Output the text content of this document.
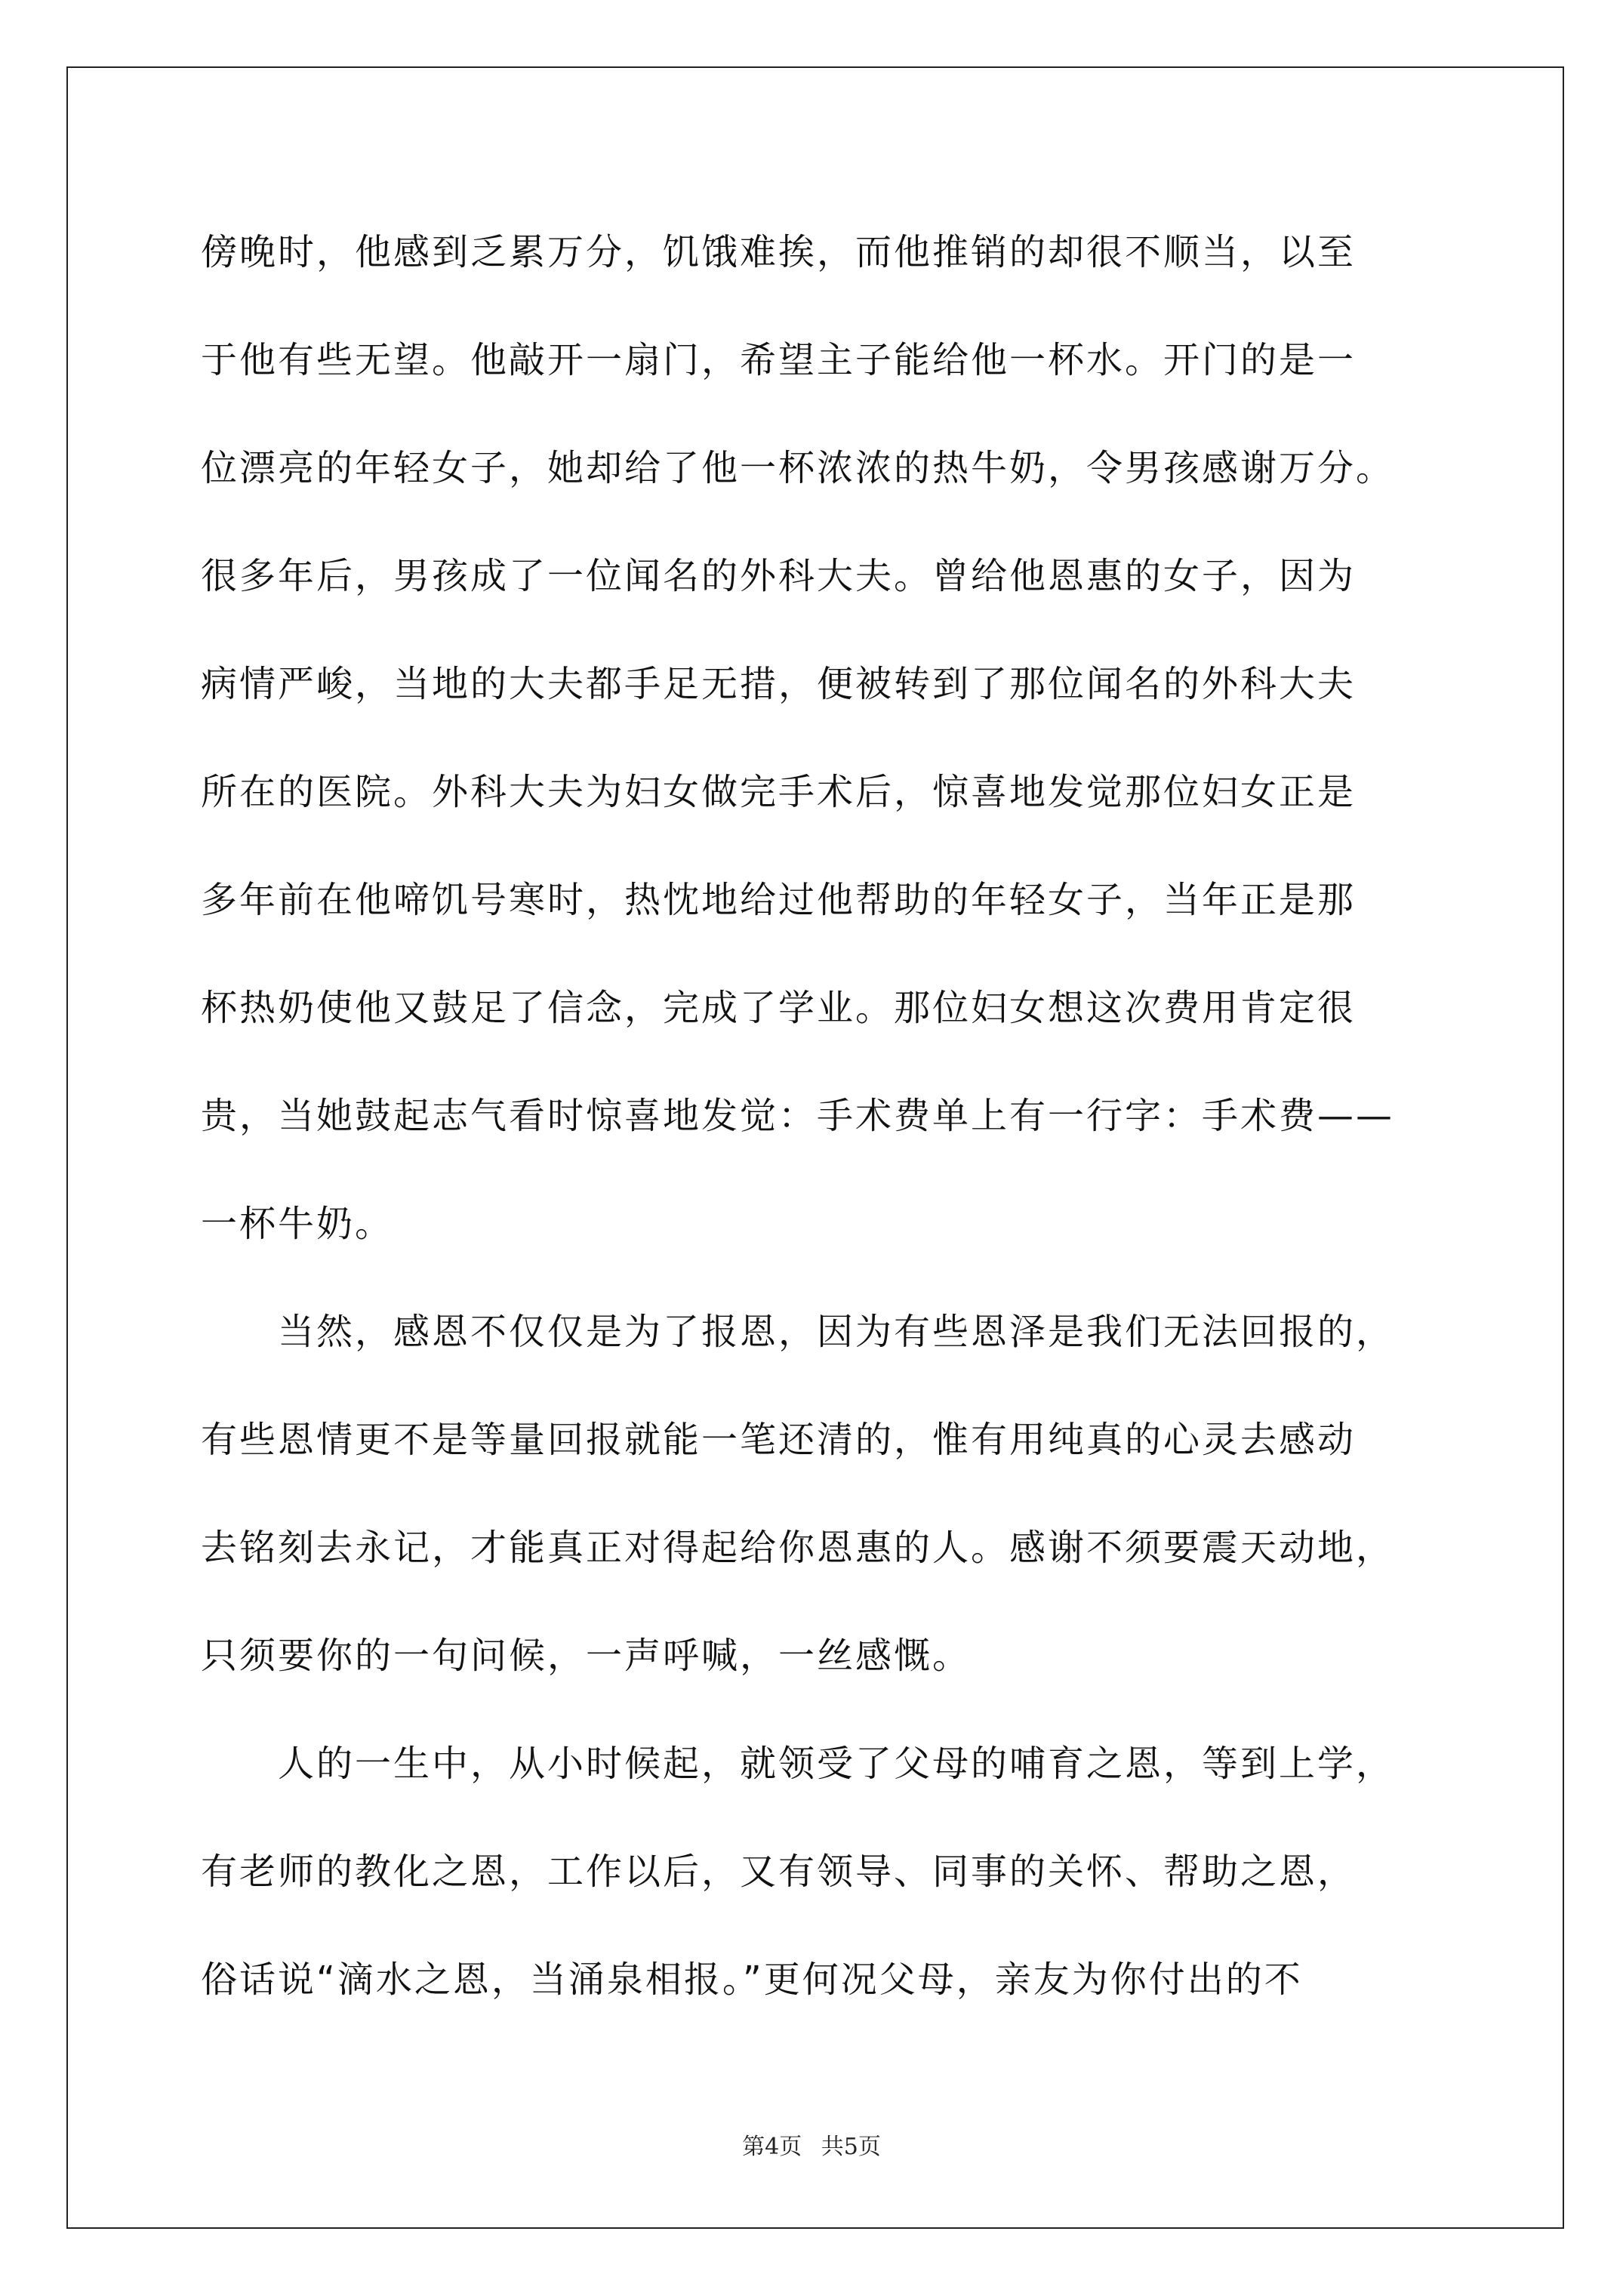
傍晚时，他感到乏累万分，饥饿难挨，而他推销的却很不顺当，以至
于他有些无望。他敲开一扇门，希望主子能给他一杯水。开门的是一
位漂亮的年轻女子，她却给了他一杯浓浓的热牛奶，令男孩感谢万分。
很多年后，男孩成了一位闻名的外科大夫。曾给他恩惠的女子，因为
病情严峻，当地的大夫都手足无措，便被转到了那位闻名的外科大夫
所在的医院。外科大夫为妇女做完手术后，惊喜地发觉那位妇女正是
多年前在他啼饥号寒时，热忱地给过他帮助的年轻女子，当年正是那
杯热奶使他又鼓足了信念，完成了学业。那位妇女想这次费用肯定很
贵，当她鼓起志气看时惊喜地发觉：手术费单上有一行字：手术费——
一杯牛奶。
　　当然，感恩不仅仅是为了报恩，因为有些恩泽是我们无法回报的，
有些恩情更不是等量回报就能一笔还清的，惟有用纯真的心灵去感动
去铭刻去永记，才能真正对得起给你恩惠的人。感谢不须要震天动地，
只须要你的一句问候，一声呼喊，一丝感慨。
　　人的一生中，从小时候起，就领受了父母的哺育之恩，等到上学，
有老师的教化之恩，工作以后，又有领导、同事的关怀、帮助之恩，
俗话说“滴水之恩，当涌泉相报。”更何况父母，亲友为你付出的不
第4页 共5页
